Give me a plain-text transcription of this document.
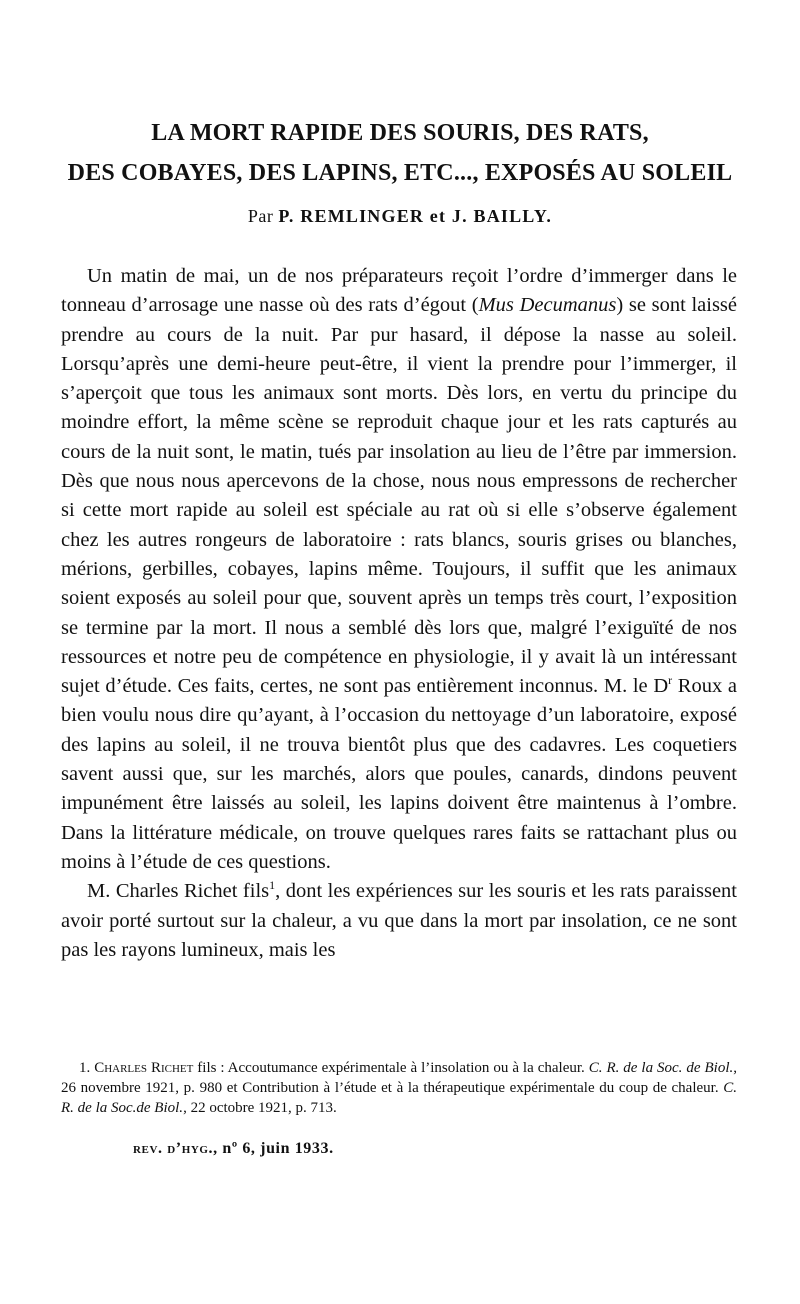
LA MORT RAPIDE DES SOURIS, DES RATS,
DES COBAYES, DES LAPINS, ETC..., EXPOSÉS AU SOLEIL
Par P. REMLINGER et J. BAILLY.

Un matin de mai, un de nos préparateurs reçoit l’ordre d’immerger dans le tonneau d’arrosage une nasse où des rats d’égout (Mus Decumanus) se sont laissé prendre au cours de la nuit. Par pur hasard, il dépose la nasse au soleil. Lorsqu’après une demi-heure peut-être, il vient la prendre pour l’immerger, il s’aperçoit que tous les animaux sont morts. Dès lors, en vertu du principe du moindre effort, la même scène se reproduit chaque jour et les rats capturés au cours de la nuit sont, le matin, tués par insolation au lieu de l’être par immersion. Dès que nous nous apercevons de la chose, nous nous empressons de rechercher si cette mort rapide au soleil est spéciale au rat où si elle s’observe également chez les autres rongeurs de laboratoire : rats blancs, souris grises ou blanches, mérions, gerbilles, cobayes, lapins même. Toujours, il suffit que les animaux soient exposés au soleil pour que, souvent après un temps très court, l’exposition se termine par la mort. Il nous a semblé dès lors que, malgré l’exiguïté de nos ressources et notre peu de compétence en physiologie, il y avait là un intéressant sujet d’étude. Ces faits, certes, ne sont pas entièrement inconnus. M. le $D^r$ Roux a bien voulu nous dire qu’ayant, à l’occasion du nettoyage d’un laboratoire, exposé des lapins au soleil, il ne trouva bientôt plus que des cadavres. Les coquetiers savent aussi que, sur les marchés, alors que poules, canards, dindons peuvent impunément être laissés au soleil, les lapins doivent être maintenus à l’ombre. Dans la littérature médicale, on trouve quelques rares faits se rattachant plus ou moins à l’étude de ces questions.

M. Charles Richet fils$^1$, dont les expériences sur les souris et les rats paraissent avoir porté surtout sur la chaleur, a vu que dans la mort par insolation, ce ne sont pas les rayons lumineux, mais les

1. Charles Richet fils : Accoutumance expérimentale à l’insolation ou à la chaleur. C. R. de la Soc. de Biol., 26 novembre 1921, p. 980 et Contribution à l’étude et à la thérapeutique expérimentale du coup de chaleur. C. R. de la Soc.de Biol., 22 octobre 1921, p. 713.

rev. d’hyg., nº 6, juin 1933.
